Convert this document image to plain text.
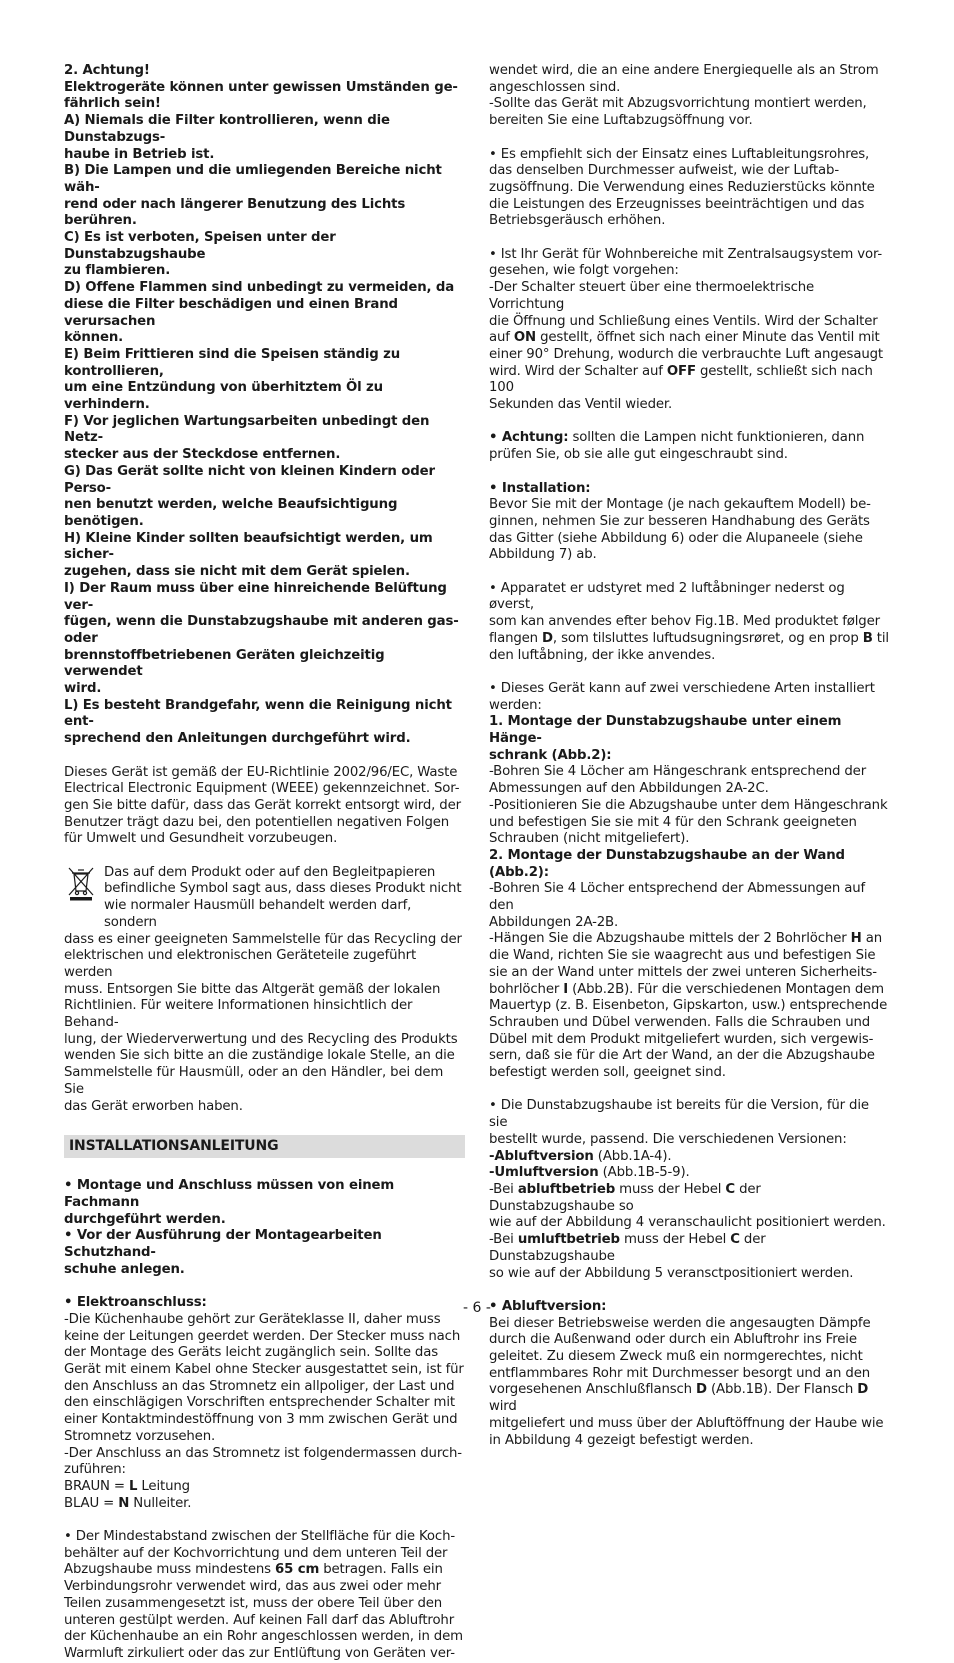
2. Achtung!

Elektrogeräte können unter gewissen Umständen ge-

fährlich sein!

A) Niemals die Filter kontrollieren, wenn die Dunstabzugs-

haube in Betrieb ist.

B) Die Lampen und die umliegenden Bereiche nicht wäh-

rend oder nach längerer Benutzung des Lichts berühren.

C) Es ist verboten, Speisen unter der Dunstabzugshaube

zu flambieren.

D) Offene Flammen sind unbedingt zu vermeiden, da

diese die Filter beschädigen und einen Brand verursachen

können.

E) Beim Frittieren sind die Speisen ständig zu kontrollieren,

um eine Entzündung von überhitztem Öl zu verhindern.

F) Vor jeglichen Wartungsarbeiten unbedingt den Netz-

stecker aus der Steckdose entfernen.

G) Das Gerät sollte nicht von kleinen Kindern oder Perso-

nen benutzt werden, welche Beaufsichtigung benötigen.

H) Kleine Kinder sollten beaufsichtigt werden, um sicher-

zugehen, dass sie nicht mit dem Gerät spielen.

I) Der Raum muss über eine hinreichende Belüftung ver-

fügen, wenn die Dunstabzugshaube mit anderen gas- oder

brennstoffbetriebenen Geräten gleichzeitig verwendet

wird.

L) Es besteht Brandgefahr, wenn die Reinigung nicht ent-

sprechend den Anleitungen durchgeführt wird.

Dieses Gerät ist gemäß der EU-Richtlinie 2002/96/EC, Waste

Electrical Electronic Equipment (WEEE) gekennzeichnet. Sor-

gen Sie bitte dafür, dass das Gerät korrekt entsorgt wird, der

Benutzer trägt dazu bei, den potentiellen negativen Folgen

für Umwelt und Gesundheit vorzubeugen.

Das auf dem Produkt oder auf den Begleitpapieren

befindliche Symbol sagt aus, dass dieses Produkt nicht

wie normaler Hausmüll behandelt werden darf, sondern

dass es einer geeigneten Sammelstelle für das Recycling der

elektrischen und elektronischen Geräteteile zugeführt werden

muss. Entsorgen Sie bitte das Altgerät gemäß der lokalen

Richtlinien. Für weitere Informationen hinsichtlich der Behand-

lung, der Wiederverwertung und des Recycling des Produkts

wenden Sie sich bitte an die zuständige lokale Stelle, an die

Sammelstelle für Hausmüll, oder an den Händler, bei dem Sie

das Gerät erworben haben.

INSTALLATIONSANLEITUNG

• Montage und Anschluss müssen von einem Fachmann

durchgeführt werden.

• Vor der Ausführung der Montagearbeiten Schutzhand-

schuhe anlegen.

• Elektroanschluss:

-Die Küchenhaube gehört zur Geräteklasse II, daher muss

keine der Leitungen geerdet werden. Der Stecker muss nach

der Montage des Geräts leicht zugänglich sein. Sollte das

Gerät mit einem Kabel ohne Stecker ausgestattet sein, ist für

den Anschluss an das Stromnetz ein allpoliger, der Last und

den einschlägigen Vorschriften entsprechender Schalter mit

einer Kontaktmindestöffnung von 3 mm zwischen Gerät und

Stromnetz vorzusehen.

-Der Anschluss an das Stromnetz ist folgendermassen durch-

zuführen:

BRAUN = L Leitung

BLAU = N Nulleiter.

• Der Mindestabstand zwischen der Stellfläche für die Koch-

behälter auf der Kochvorrichtung und dem unteren Teil der

Abzugshaube muss mindestens 65 cm betragen. Falls ein

Verbindungsrohr verwendet wird, das aus zwei oder mehr

Teilen zusammengesetzt ist, muss der obere Teil über den

unteren gestülpt werden. Auf keinen Fall darf das Abluftrohr

der Küchenhaube an ein Rohr angeschlossen werden, in dem

Warmluft zirkuliert oder das zur Entlüftung von Geräten ver-

wendet wird, die an eine andere Energiequelle als an Strom

angeschlossen sind.

-Sollte das Gerät mit Abzugsvorrichtung montiert werden,

bereiten Sie eine Luftabzugsöffnung vor.

• Es empfiehlt sich der Einsatz eines Luftableitungsrohres,

das denselben Durchmesser aufweist, wie der Luftab-

zugsöffnung. Die Verwendung eines Reduzierstücks könnte

die Leistungen des Erzeugnisses beeinträchtigen und das

Betriebsgeräusch erhöhen.

• Ist Ihr Gerät für Wohnbereiche mit Zentralsaugsystem vor-

gesehen, wie folgt vorgehen:

-Der Schalter steuert über eine thermoelektrische Vorrichtung

die Öffnung und Schließung eines Ventils. Wird der Schalter

auf ON gestellt, öffnet sich nach einer Minute das Ventil mit

einer 90° Drehung, wodurch die verbrauchte Luft angesaugt

wird. Wird der Schalter auf OFF gestellt, schließt sich nach 100

Sekunden das Ventil wieder.

• Achtung: sollten die Lampen nicht funktionieren, dann

prüfen Sie, ob sie alle gut eingeschraubt sind.

• Installation:

Bevor Sie mit der Montage (je nach gekauftem Modell) be-

ginnen, nehmen Sie zur besseren Handhabung des Geräts

das Gitter (siehe Abbildung 6) oder die Alupaneele (siehe

Abbildung 7) ab.

• Apparatet er udstyret med 2 luftåbninger nederst og øverst,

som kan anvendes efter behov Fig.1B. Med produktet følger

flangen D, som tilsluttes luftudsugningsrøret, og en prop B til

den luftåbning, der ikke anvendes.

• Dieses Gerät kann auf zwei verschiedene Arten installiert

werden:

1. Montage der Dunstabzugshaube unter einem Hänge-

schrank (Abb.2):

-Bohren Sie 4 Löcher am Hängeschrank entsprechend der

Abmessungen auf den Abbildungen 2A-2C.

-Positionieren Sie die Abzugshaube unter dem Hängeschrank

und befestigen Sie sie mit 4 für den Schrank geeigneten

Schrauben (nicht mitgeliefert).

2. Montage der Dunstabzugshaube an der Wand (Abb.2):

-Bohren Sie 4 Löcher entsprechend der Abmessungen auf den

Abbildungen 2A-2B.

-Hängen Sie die Abzugshaube mittels der 2 Bohrlöcher H an

die Wand, richten Sie sie waagrecht aus und befestigen Sie

sie an der Wand unter mittels der zwei unteren Sicherheits-

bohrlöcher I (Abb.2B). Für die verschiedenen Montagen dem

Mauertyp (z. B. Eisenbeton, Gipskarton, usw.) entsprechende

Schrauben und Dübel verwenden. Falls die Schrauben und

Dübel mit dem Produkt mitgeliefert wurden, sich vergewis-

sern, daß sie für die Art der Wand, an der die Abzugshaube

befestigt werden soll, geeignet sind.

• Die Dunstabzugshaube ist bereits für die Version, für die sie

bestellt wurde, passend. Die verschiedenen Versionen:

-Abluftversion (Abb.1A-4).

-Umluftversion (Abb.1B-5-9).

-Bei abluftbetrieb muss der Hebel C der Dunstabzugshaube so

wie auf der Abbildung 4 veranschaulicht positioniert werden.

-Bei umluftbetrieb muss der Hebel C der Dunstabzugshaube

so wie auf der Abbildung 5 veransctpositioniert werden.

• Abluftversion:

Bei dieser Betriebsweise werden die angesaugten Dämpfe

durch die Außenwand oder durch ein Abluftrohr ins Freie

geleitet. Zu diesem Zweck muß ein normgerechtes, nicht

entflammbares Rohr mit Durchmesser besorgt und an den

vorgesehenen Anschlußflansch D (Abb.1B). Der Flansch D wird

mitgeliefert und muss über der Abluftöffnung der Haube wie

in Abbildung 4 gezeigt befestigt werden.

- 6 -
